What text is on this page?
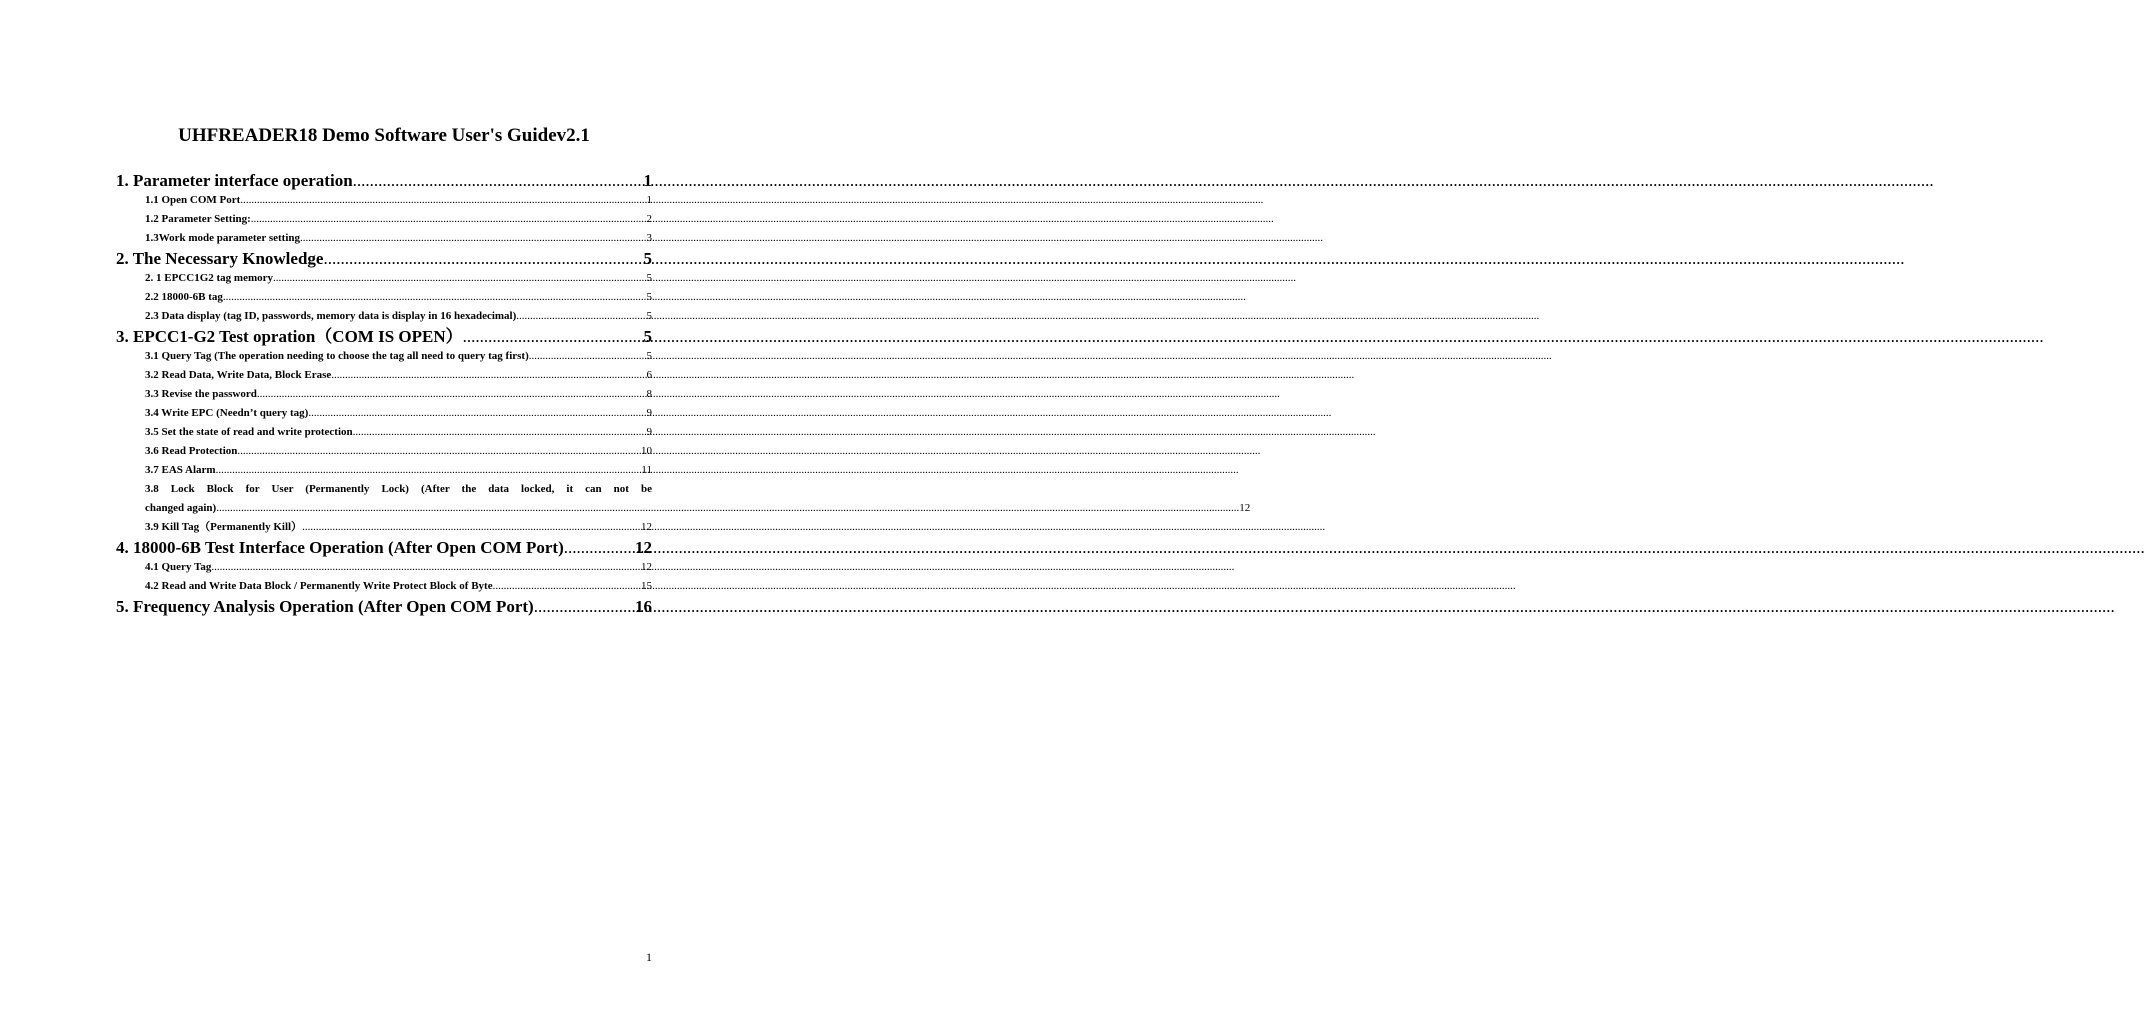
UHFREADER18 Demo Software User's Guidev2.1
1. Parameter interface operation .....	1
1.1 Open COM Port .....	1
1.2 Parameter Setting: .....	2
1.3Work mode parameter setting .....	3
2. The Necessary Knowledge .....	5
2. 1 EPCC1G2 tag memory .....	5
2.2 18000-6B tag .....	5
2.3 Data display (tag ID, passwords, memory data is display in 16 hexadecimal) .....	5
3. EPCC1-G2 Test opration（COM IS OPEN） .....	5
3.1 Query Tag (The operation needing to choose the tag all need to query tag first) .....	5
3.2 Read Data, Write Data, Block Erase .....	6
3.3 Revise the password .....	8
3.4 Write EPC (Needn’t query tag) .....	9
3.5 Set the state of read and write protection .....	9
3.6 Read Protection .....	10
3.7 EAS Alarm .....	11
3.8 Lock Block for User (Permanently Lock) (After the data locked, it can not be
changed again) .....	12
3.9 Kill Tag（Permanently Kill） .....	12
4. 18000-6B Test Interface Operation (After Open COM Port) .....	12
4.1 Query Tag .....	12
4.2 Read and Write Data Block / Permanently Write Protect Block of Byte .....	15
5. Frequency Analysis Operation (After Open COM Port) .....	16
1
